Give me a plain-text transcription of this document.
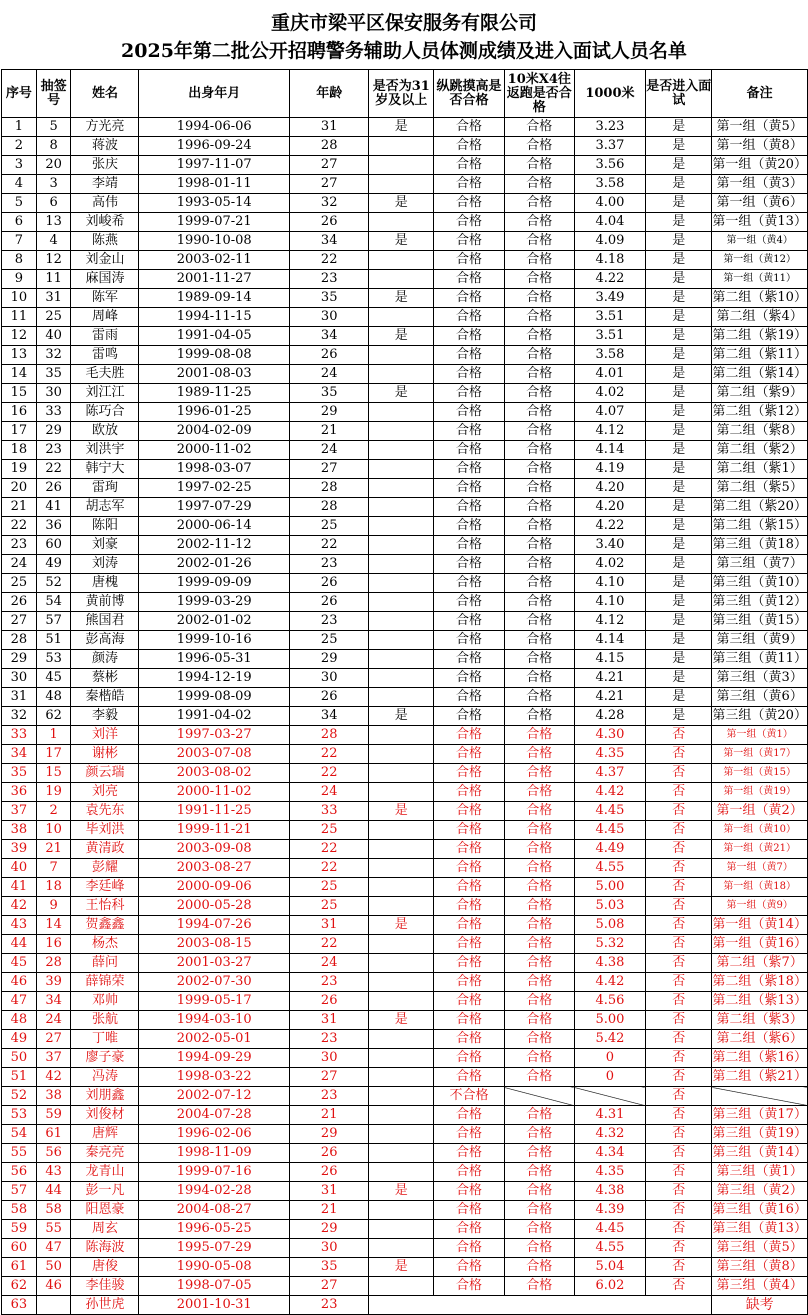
重庆市梁平区保安服务有限公司
2025年第二批公开招聘警务辅助人员体测成绩及进入面试人员名单
序号	抽签号	姓名	出身年月	年龄	是否为31岁及以上	纵跳摸高是否合格	10米X4往返跑是否合格	1000米	是否进入面试	备注
1	5	方光亮	1994-06-06	31	是	合格	合格	3.23	是	第一组（黄5）
2	8	蒋波	1996-09-24	28		合格	合格	3.37	是	第一组（黄8）
3	20	张庆	1997-11-07	27		合格	合格	3.56	是	第一组（黄20）
4	3	李靖	1998-01-11	27		合格	合格	3.58	是	第一组（黄3）
5	6	高伟	1993-05-14	32	是	合格	合格	4.00	是	第一组（黄6）
6	13	刘峻希	1999-07-21	26		合格	合格	4.04	是	第一组（黄13）
7	4	陈燕	1990-10-08	34	是	合格	合格	4.09	是	第一组（黄4）
8	12	刘金山	2003-02-11	22		合格	合格	4.18	是	第一组（黄12）
9	11	麻国涛	2001-11-27	23		合格	合格	4.22	是	第一组（黄11）
10	31	陈军	1989-09-14	35	是	合格	合格	3.49	是	第二组（紫10）
11	25	周峰	1994-11-15	30		合格	合格	3.51	是	第二组（紫4）
12	40	雷雨	1991-04-05	34	是	合格	合格	3.51	是	第二组（紫19）
13	32	雷鸣	1999-08-08	26		合格	合格	3.58	是	第二组（紫11）
14	35	毛夫胜	2001-08-03	24		合格	合格	4.01	是	第二组（紫14）
15	30	刘江江	1989-11-25	35	是	合格	合格	4.02	是	第二组（紫9）
16	33	陈巧合	1996-01-25	29		合格	合格	4.07	是	第二组（紫12）
17	29	欧放	2004-02-09	21		合格	合格	4.12	是	第二组（紫8）
18	23	刘洪宇	2000-11-02	24		合格	合格	4.14	是	第二组（紫2）
19	22	韩宁大	1998-03-07	27		合格	合格	4.19	是	第二组（紫1）
20	26	雷珣	1997-02-25	28		合格	合格	4.20	是	第二组（紫5）
21	41	胡志军	1997-07-29	28		合格	合格	4.20	是	第二组（紫20）
22	36	陈阳	2000-06-14	25		合格	合格	4.22	是	第二组（紫15）
23	60	刘豪	2002-11-12	22		合格	合格	3.40	是	第三组（黄18）
24	49	刘涛	2002-01-26	23		合格	合格	4.02	是	第三组（黄7）
25	52	唐槐	1999-09-09	26		合格	合格	4.10	是	第三组（黄10）
26	54	黄前博	1999-03-29	26		合格	合格	4.10	是	第三组（黄12）
27	57	熊国君	2002-01-02	23		合格	合格	4.12	是	第三组（黄15）
28	51	彭高海	1999-10-16	25		合格	合格	4.14	是	第三组（黄9）
29	53	颜涛	1996-05-31	29		合格	合格	4.15	是	第三组（黄11）
30	45	蔡彬	1994-12-19	30		合格	合格	4.21	是	第三组（黄3）
31	48	秦楷皓	1999-08-09	26		合格	合格	4.21	是	第三组（黄6）
32	62	李毅	1991-04-02	34	是	合格	合格	4.28	是	第三组（黄20）
33	1	刘洋	1997-03-27	28		合格	合格	4.30	否	第一组（黄1）
34	17	谢彬	2003-07-08	22		合格	合格	4.35	否	第一组（黄17）
35	15	颜云瑞	2003-08-02	22		合格	合格	4.37	否	第一组（黄15）
36	19	刘亮	2000-11-02	24		合格	合格	4.42	否	第一组（黄19）
37	2	袁先东	1991-11-25	33	是	合格	合格	4.45	否	第一组（黄2）
38	10	毕刘洪	1999-11-21	25		合格	合格	4.45	否	第一组（黄10）
39	21	黄清政	2003-09-08	22		合格	合格	4.49	否	第一组（黄21）
40	7	彭耀	2003-08-27	22		合格	合格	4.55	否	第一组（黄7）
41	18	李廷峰	2000-09-06	25		合格	合格	5.00	否	第一组（黄18）
42	9	王怡科	2000-05-28	25		合格	合格	5.03	否	第一组（黄9）
43	14	贺鑫鑫	1994-07-26	31	是	合格	合格	5.08	否	第一组（黄14）
44	16	杨杰	2003-08-15	22		合格	合格	5.32	否	第一组（黄16）
45	28	薛问	2001-03-27	24		合格	合格	4.38	否	第二组（紫7）
46	39	薛锦荣	2002-07-30	23		合格	合格	4.42	否	第二组（紫18）
47	34	邓帅	1999-05-17	26		合格	合格	4.56	否	第二组（紫13）
48	24	张航	1994-03-10	31	是	合格	合格	5.00	否	第二组（紫3）
49	27	丁唯	2002-05-01	23		合格	合格	5.42	否	第二组（紫6）
50	37	廖子豪	1994-09-29	30		合格	合格	0	否	第二组（紫16）
51	42	冯涛	1998-03-22	27		合格	合格	0	否	第二组（紫21）
52	38	刘朋鑫	2002-07-12	23		不合格			否	
53	59	刘俊材	2004-07-28	21		合格	合格	4.31	否	第三组（黄17）
54	61	唐辉	1996-02-06	29		合格	合格	4.32	否	第三组（黄19）
55	56	秦亮亮	1998-11-09	26		合格	合格	4.34	否	第三组（黄14）
56	43	龙青山	1999-07-16	26		合格	合格	4.35	否	第三组（黄1）
57	44	彭一凡	1994-02-28	31	是	合格	合格	4.38	否	第三组（黄2）
58	58	阳恩豪	2004-08-27	21		合格	合格	4.39	否	第三组（黄16）
59	55	周玄	1996-05-25	29		合格	合格	4.45	否	第三组（黄13）
60	47	陈海波	1995-07-29	30		合格	合格	4.55	否	第三组（黄5）
61	50	唐俊	1990-05-08	35	是	合格	合格	5.04	否	第三组（黄8）
62	46	李佳骏	1998-07-05	27		合格	合格	6.02	否	第三组（黄4）
63		孙世虎	2001-10-31	23						缺考
